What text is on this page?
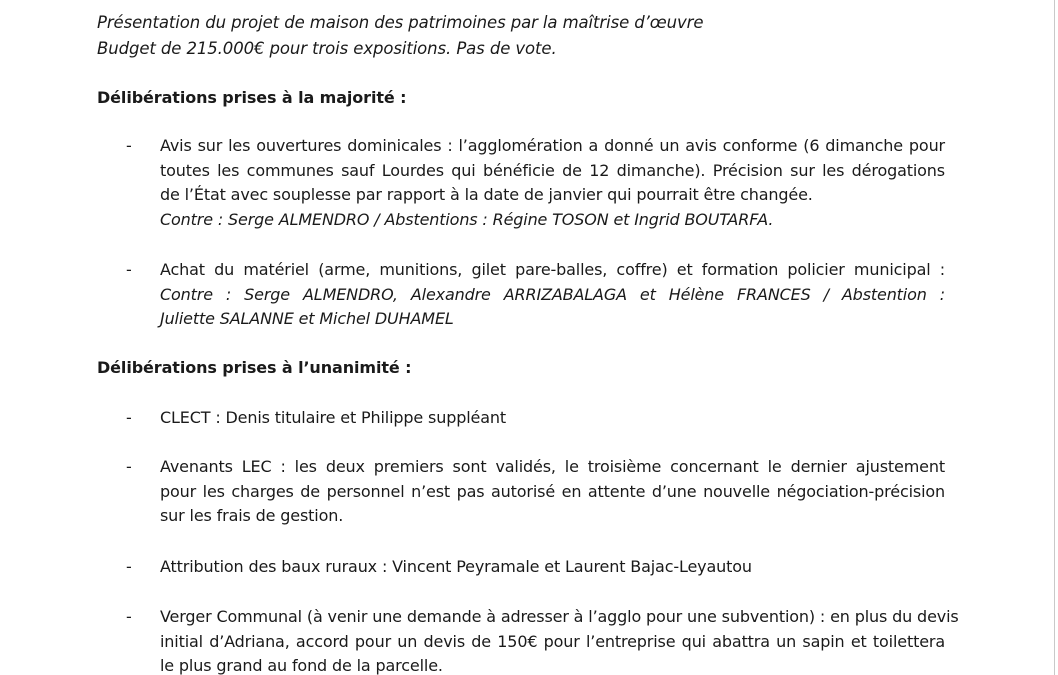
Présentation du projet de maison des patrimoines par la maîtrise d’œuvre

Budget de 215.000€ pour trois expositions. Pas de vote.

Délibérations prises à la majorité :
- Avis sur les ouvertures dominicales : l’agglomération a donné un avis conforme (6 dimanche pour
toutes les communes sauf Lourdes qui bénéficie de 12 dimanche). Précision sur les dérogations
de l’État avec souplesse par rapport à la date de janvier qui pourrait être changée.
Contre : Serge ALMENDRO / Abstentions : Régine TOSON et Ingrid BOUTARFA.
- Achat du matériel (arme, munitions, gilet pare-balles, coffre) et formation policier municipal :
Contre : Serge ALMENDRO, Alexandre ARRIZABALAGA et Hélène FRANCES / Abstention :
Juliette SALANNE et Michel DUHAMEL
Délibérations prises à l’unanimité :
- CLECT : Denis titulaire et Philippe suppléant
- Avenants LEC : les deux premiers sont validés, le troisième concernant le dernier ajustement
pour les charges de personnel n’est pas autorisé en attente d’une nouvelle négociation-précision
sur les frais de gestion.
- Attribution des baux ruraux : Vincent Peyramale et Laurent Bajac-Leyautou
- Verger Communal (à venir une demande à adresser à l’agglo pour une subvention) : en plus du devis
initial d’Adriana, accord pour un devis de 150€ pour l’entreprise qui abattra un sapin et toilettera
le plus grand au fond de la parcelle.
